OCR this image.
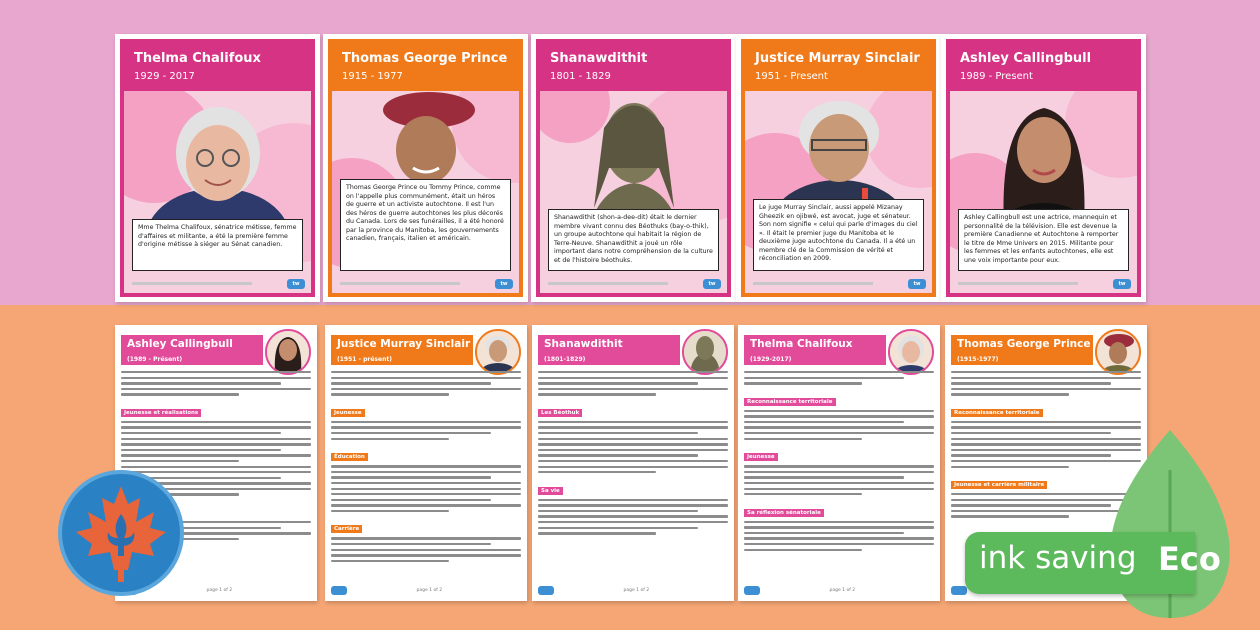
Thelma Chalifoux
1929 - 2017
Mme Thelma Chalifoux, sénatrice métisse, femme d'affaires et militante, a été la première femme d'origine métisse à siéger au Sénat canadien.
tw
Thomas George Prince
1915 - 1977
Thomas George Prince ou Tommy Prince, comme on l'appelle plus communément, était un héros de guerre et un activiste autochtone. Il est l'un des héros de guerre autochtones les plus décorés du Canada. Lors de ses funérailles, il a été honoré par la province du Manitoba, les gouvernements canadien, français, italien et américain.
tw
Shanawdithit
1801 - 1829
Shanawdithit (shon-a-dee-dit) était le dernier membre vivant connu des Béothuks (bay-o-thik), un groupe autochtone qui habitait la région de Terre-Neuve. Shanawdithit a joué un rôle important dans notre compréhension de la culture et de l'histoire béothuks.
tw
Justice Murray Sinclair
1951 - Present
Le juge Murray Sinclair, aussi appelé Mizanay Gheezik en ojibwé, est avocat, juge et sénateur. Son nom signifie « celui qui parle d'images du ciel ». Il était le premier juge du Manitoba et le deuxième juge autochtone du Canada. Il a été un membre clé de la Commission de vérité et réconciliation en 2009.
tw
Ashley Callingbull
1989 - Present
Ashley Callingbull est une actrice, mannequin et personnalité de la télévision. Elle est devenue la première Canadienne et Autochtone à remporter le titre de Mme Univers en 2015. Militante pour les femmes et les enfants autochtones, elle est une voix importante pour eux.
tw
Ashley Callingbull
(1989 - Présent)
Jeunesse et réalisations
page 1 of 2
Justice Murray Sinclair
(1951 - présent)
Jeunesse
Éducation
Carrière
page 1 of 2
Shanawdithit
(1801-1829)
Les Béothuk
Sa vie
page 1 of 2
Thelma Chalifoux
(1929-2017)
Reconnaissance territoriale
Jeunesse
Sa réflexion sénatoriale
page 1 of 2
Thomas George Prince
(1915-1977)
Reconnaissance territoriale
Jeunesse et carrière militaire
ink saving Eco
